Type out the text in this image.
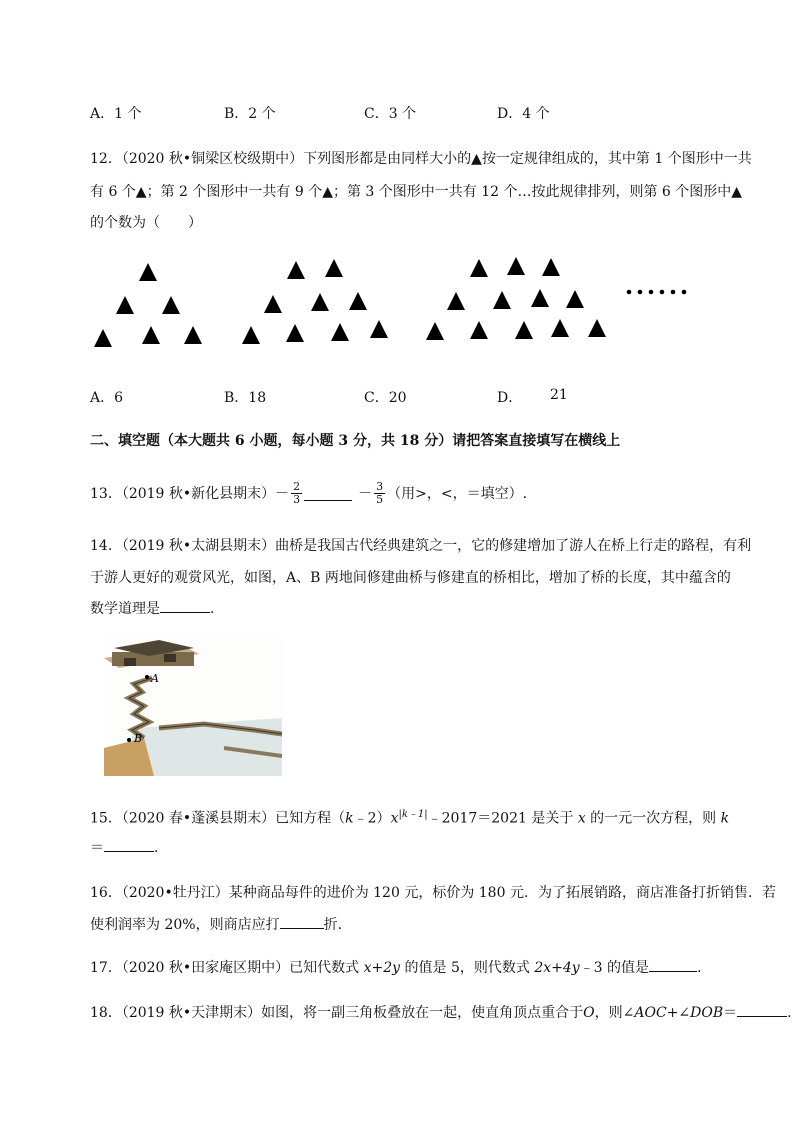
A．1 个	B．2 个	C．3 个	D．4 个
12．（2020 秋•铜梁区校级期中）下列图形都是由同样大小的▲按一定规律组成的，其中第 1 个图形中一共
有 6 个▲；第 2 个图形中一共有 9 个▲；第 3 个图形中一共有 12 个…按此规律排列，则第 6 个图形中▲
的个数为（　　）
A．6	B．18	C．20	D． 21
二、填空题（本大题共 6 小题，每小题 3 分，共 18 分）请把答案直接填写在横线上
13．（2019 秋•新化县期末） － $\frac{2}{3}$	－ $\frac{3}{5}$ （用>，<，＝填空）.
14．（2019 秋•太湖县期末）曲桥是我国古代经典建筑之一，它的修建增加了游人在桥上行走的路程，有利
于游人更好的观赏风光，如图，A、B 两地间修建曲桥与修建直的桥相比，增加了桥的长度，其中蕴含的
数学道理是	.
A
B
15．（2020 春•蓬溪县期末）已知方程$(k﹣2)x^{|k﹣1|}﹣2017=2021$ 是关于 x 的一元一次方程，则 k
＝	.
16．（2020•牡丹江）某种商品每件的进价为 120 元，标价为 180 元．为了拓展销路，商店准备打折销售．若
使利润率为 20%，则商店应打	折.
17．（2020 秋•田家庵区期中）已知代数式 x+2y 的值是 5，则代数式 2x+4y﹣3 的值是	.
18．（2019 秋•天津期末）如图，将一副三角板叠放在一起，使直角顶点重合于O，则∠AOC+∠DOB＝	.
